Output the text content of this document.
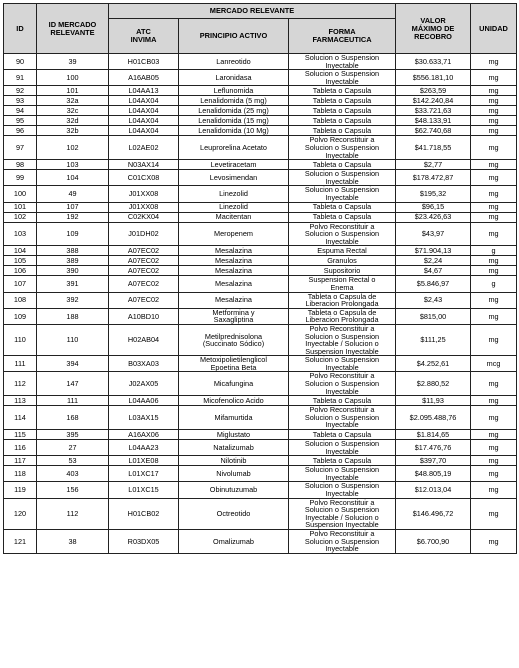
ID	ID MERCADO
RELEVANTE	MERCADO RELEVANTE			VALOR
MÁXIMO DE
RECOBRO	UNIDAD
		ATC
INVIMA	PRINCIPIO ACTIVO	FORMA
FARMACEUTICA		
90	39	H01CB03	Lanreotido	Solucion o Suspension
Inyectable	$30.633,71	mg
91	100	A16AB05	Laronidasa	Solucion o Suspension
Inyectable	$556.181,10	mg
92	101	L04AA13	Leflunomida	Tableta o Capsula	$263,59	mg
93	32a	L04AX04	Lenalidomida (5 mg)	Tableta o Capsula	$142.240,84	mg
94	32c	L04AX04	Lenalidomida (25 mg)	Tableta o Capsula	$33.721,63	mg
95	32d	L04AX04	Lenalidomida (15 mg)	Tableta o Capsula	$48.133,91	mg
96	32b	L04AX04	Lenalidomida (10 Mg)	Tableta o Capsula	$62.740,68	mg
97	102	L02AE02	Leuprorelina Acetato	Polvo Reconstituir a
Solucion o Suspension
Inyectable	$41.718,55	mg
98	103	N03AX14	Levetiracetam	Tableta o Capsula	$2,77	mg
99	104	C01CX08	Levosimendan	Solucion o Suspension
Inyectable	$178.472,87	mg
100	49	J01XX08	Linezolid	Solucion o Suspension
Inyectable	$195,32	mg
101	107	J01XX08	Linezolid	Tableta o Capsula	$96,15	mg
102	192	C02KX04	Macitentan	Tableta o Capsula	$23.426,63	mg
103	109	J01DH02	Meropenem	Polvo Reconstituir a
Solucion o Suspension
Inyectable	$43,97	mg
104	388	A07EC02	Mesalazina	Espuma Rectal	$71.904,13	g
105	389	A07EC02	Mesalazina	Granulos	$2,24	mg
106	390	A07EC02	Mesalazina	Supositorio	$4,67	mg
107	391	A07EC02	Mesalazina	Suspension Rectal o
Enema	$5.846,97	g
108	392	A07EC02	Mesalazina	Tableta o Capsula de
Liberacion Prolongada	$2,43	mg
109	188	A10BD10	Metformina y
Saxagliptina	Tableta o Capsula de
Liberacion Prolongada	$815,00	mg
110	110	H02AB04	Metilprednisolona
(Succinato Sódico)	Polvo Reconstituir a
Solucion o Suspension
Inyectable / Solucion o
Suspension Inyectable	$111,25	mg
111	394	B03XA03	Metoxipolietilenglicol
Epoetina Beta	Solucion o Suspension
Inyectable	$4.252,61	mcg
112	147	J02AX05	Micafungina	Polvo Reconstituir a
Solucion o Suspension
Inyectable	$2.880,52	mg
113	111	L04AA06	Micofenolico Acido	Tableta o Capsula	$11,93	mg
114	168	L03AX15	Mifamurtida	Polvo Reconstituir a
Solucion o Suspension
Inyectable	$2.095.488,76	mg
115	395	A16AX06	Miglustato	Tableta o Capsula	$1.814,65	mg
116	27	L04AA23	Natalizumab	Solucion o Suspension
Inyectable	$17.476,76	mg
117	53	L01XE08	Nilotinib	Tableta o Capsula	$397,70	mg
118	403	L01XC17	Nivolumab	Solucion o Suspension
Inyectable	$48.805,19	mg
119	156	L01XC15	Obinutuzumab	Solucion o Suspension
Inyectable	$12.013,04	mg
120	112	H01CB02	Octreotido	Polvo Reconstituir a
Solucion o Suspension
Inyectable / Solucion o
Suspension Inyectable	$146.496,72	mg
121	38	R03DX05	Omalizumab	Polvo Reconstituir a
Solucion o Suspension
Inyectable	$6.700,90	mg
